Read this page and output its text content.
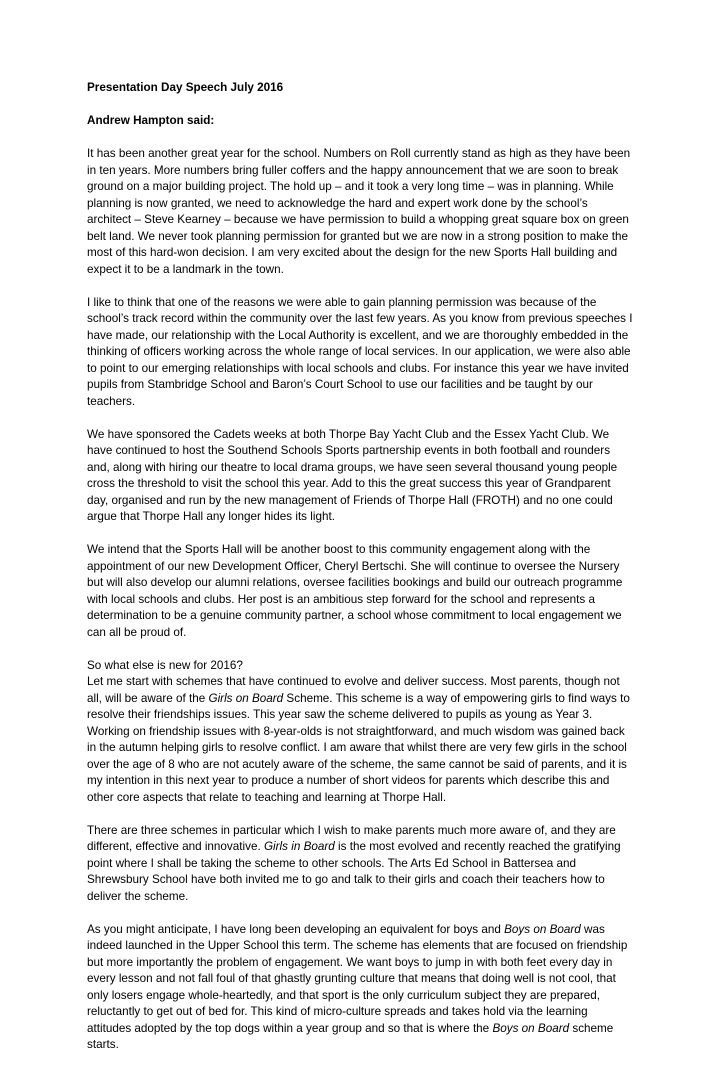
Presentation Day Speech July 2016
Andrew Hampton said:

It has been another great year for the school. Numbers on Roll currently stand as high as they have been in ten years. More numbers bring fuller coffers and the happy announcement that we are soon to break ground on a major building project. The hold up – and it took a very long time – was in planning. While planning is now granted, we need to acknowledge the hard and expert work done by the school’s architect – Steve Kearney – because we have permission to build a whopping great square box on green belt land. We never took planning permission for granted but we are now in a strong position to make the most of this hard-won decision. I am very excited about the design for the new Sports Hall building and expect it to be a landmark in the town.

I like to think that one of the reasons we were able to gain planning permission was because of the school’s track record within the community over the last few years. As you know from previous speeches I have made, our relationship with the Local Authority is excellent, and we are thoroughly embedded in the thinking of officers working across the whole range of local services. In our application, we were also able to point to our emerging relationships with local schools and clubs. For instance this year we have invited pupils from Stambridge School and Baron’s Court School to use our facilities and be taught by our teachers.

We have sponsored the Cadets weeks at both Thorpe Bay Yacht Club and the Essex Yacht Club. We have continued to host the Southend Schools Sports partnership events in both football and rounders and, along with hiring our theatre to local drama groups, we have seen several thousand young people cross the threshold to visit the school this year. Add to this the great success this year of Grandparent day, organised and run by the new management of Friends of Thorpe Hall (FROTH) and no one could argue that Thorpe Hall any longer hides its light.

We intend that the Sports Hall will be another boost to this community engagement along with the appointment of our new Development Officer, Cheryl Bertschi. She will continue to oversee the Nursery but will also develop our alumni relations, oversee facilities bookings and build our outreach programme with local schools and clubs. Her post is an ambitious step forward for the school and represents a determination to be a genuine community partner, a school whose commitment to local engagement we can all be proud of.

So what else is new for 2016?

Let me start with schemes that have continued to evolve and deliver success. Most parents, though not all, will be aware of the Girls on Board Scheme. This scheme is a way of empowering girls to find ways to resolve their friendships issues. This year saw the scheme delivered to pupils as young as Year 3. Working on friendship issues with 8-year-olds is not straightforward, and much wisdom was gained back in the autumn helping girls to resolve conflict. I am aware that whilst there are very few girls in the school over the age of 8 who are not acutely aware of the scheme, the same cannot be said of parents, and it is my intention in this next year to produce a number of short videos for parents which describe this and other core aspects that relate to teaching and learning at Thorpe Hall.

There are three schemes in particular which I wish to make parents much more aware of, and they are different, effective and innovative. Girls in Board is the most evolved and recently reached the gratifying point where I shall be taking the scheme to other schools. The Arts Ed School in Battersea and Shrewsbury School have both invited me to go and talk to their girls and coach their teachers how to deliver the scheme.

As you might anticipate, I have long been developing an equivalent for boys and Boys on Board was indeed launched in the Upper School this term. The scheme has elements that are focused on friendship but more importantly the problem of engagement. We want boys to jump in with both feet every day in every lesson and not fall foul of that ghastly grunting culture that means that doing well is not cool, that only losers engage whole-heartedly, and that sport is the only curriculum subject they are prepared, reluctantly to get out of bed for. This kind of micro-culture spreads and takes hold via the learning attitudes adopted by the top dogs within a year group and so that is where the Boys on Board scheme starts.
